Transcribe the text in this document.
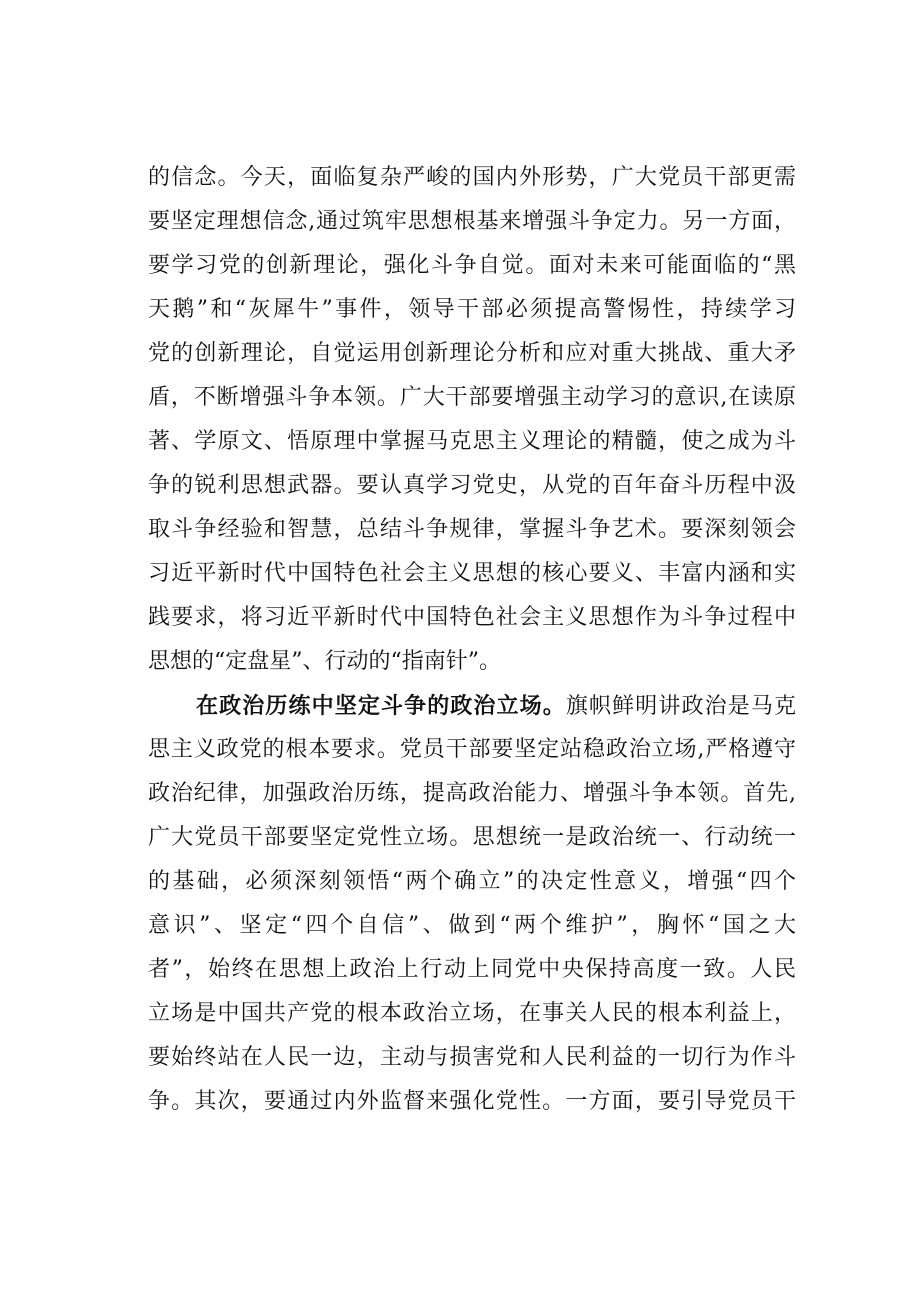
的信念。今天，面临复杂严峻的国内外形势，广大党员干部更需
要坚定理想信念,通过筑牢思想根基来增强斗争定力。另一方面，
要学习党的创新理论，强化斗争自觉。面对未来可能面临的“黑
天鹅”和“灰犀牛”事件，领导干部必须提高警惕性，持续学习
党的创新理论，自觉运用创新理论分析和应对重大挑战、重大矛
盾，不断增强斗争本领。广大干部要增强主动学习的意识,在读原
著、学原文、悟原理中掌握马克思主义理论的精髓，使之成为斗
争的锐利思想武器。要认真学习党史，从党的百年奋斗历程中汲
取斗争经验和智慧，总结斗争规律，掌握斗争艺术。要深刻领会
习近平新时代中国特色社会主义思想的核心要义、丰富内涵和实
践要求，将习近平新时代中国特色社会主义思想作为斗争过程中
思想的“定盘星”、行动的“指南针”。
在政治历练中坚定斗争的政治立场。旗帜鲜明讲政治是马克
思主义政党的根本要求。党员干部要坚定站稳政治立场,严格遵守
政治纪律，加强政治历练，提高政治能力、增强斗争本领。首先,
广大党员干部要坚定党性立场。思想统一是政治统一、行动统一
的基础，必须深刻领悟“两个确立”的决定性意义，增强“四个
意识”、坚定“四个自信”、做到“两个维护”，胸怀“国之大
者”，始终在思想上政治上行动上同党中央保持高度一致。人民
立场是中国共产党的根本政治立场，在事关人民的根本利益上，
要始终站在人民一边，主动与损害党和人民利益的一切行为作斗
争。其次，要通过内外监督来强化党性。一方面，要引导党员干
